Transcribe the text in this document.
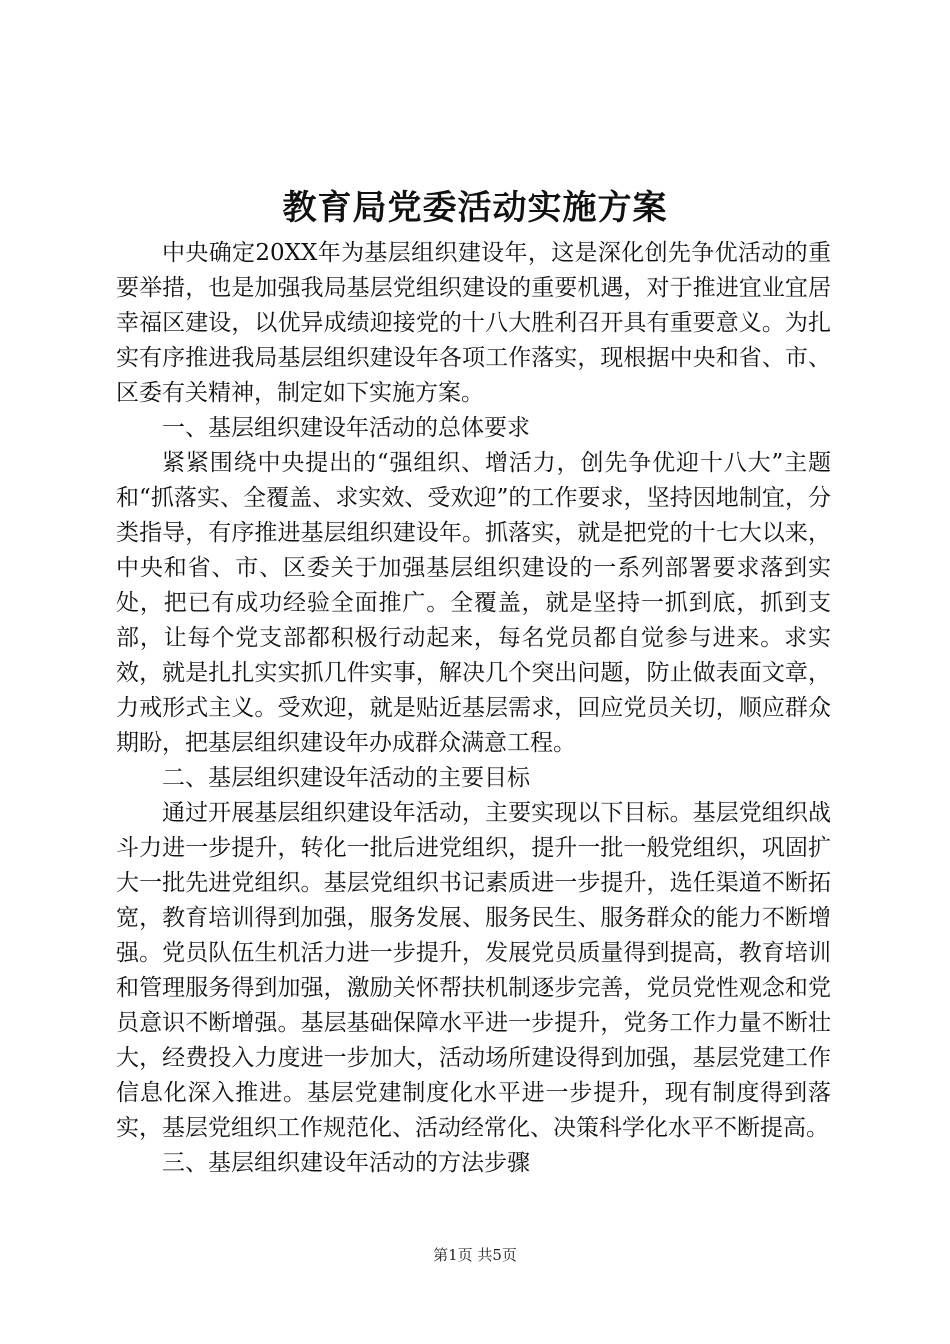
教育局党委活动实施方案

中央确定20XX年为基层组织建设年，这是深化创先争优活动的重要举措，也是加强我局基层党组织建设的重要机遇，对于推进宜业宜居幸福区建设，以优异成绩迎接党的十八大胜利召开具有重要意义。为扎实有序推进我局基层组织建设年各项工作落实，现根据中央和省、市、区委有关精神，制定如下实施方案。

一、基层组织建设年活动的总体要求

紧紧围绕中央提出的“强组织、增活力，创先争优迎十八大”主题和“抓落实、全覆盖、求实效、受欢迎”的工作要求，坚持因地制宜，分类指导，有序推进基层组织建设年。抓落实，就是把党的十七大以来，中央和省、市、区委关于加强基层组织建设的一系列部署要求落到实处，把已有成功经验全面推广。全覆盖，就是坚持一抓到底，抓到支部，让每个党支部都积极行动起来，每名党员都自觉参与进来。求实效，就是扎扎实实抓几件实事，解决几个突出问题，防止做表面文章，力戒形式主义。受欢迎，就是贴近基层需求，回应党员关切，顺应群众期盼，把基层组织建设年办成群众满意工程。

二、基层组织建设年活动的主要目标

通过开展基层组织建设年活动，主要实现以下目标。基层党组织战斗力进一步提升，转化一批后进党组织，提升一批一般党组织，巩固扩大一批先进党组织。基层党组织书记素质进一步提升，选任渠道不断拓宽，教育培训得到加强，服务发展、服务民生、服务群众的能力不断增强。党员队伍生机活力进一步提升，发展党员质量得到提高，教育培训和管理服务得到加强，激励关怀帮扶机制逐步完善，党员党性观念和党员意识不断增强。基层基础保障水平进一步提升，党务工作力量不断壮大，经费投入力度进一步加大，活动场所建设得到加强，基层党建工作信息化深入推进。基层党建制度化水平进一步提升，现有制度得到落实，基层党组织工作规范化、活动经常化、决策科学化水平不断提高。

三、基层组织建设年活动的方法步骤

第1页 共5页
